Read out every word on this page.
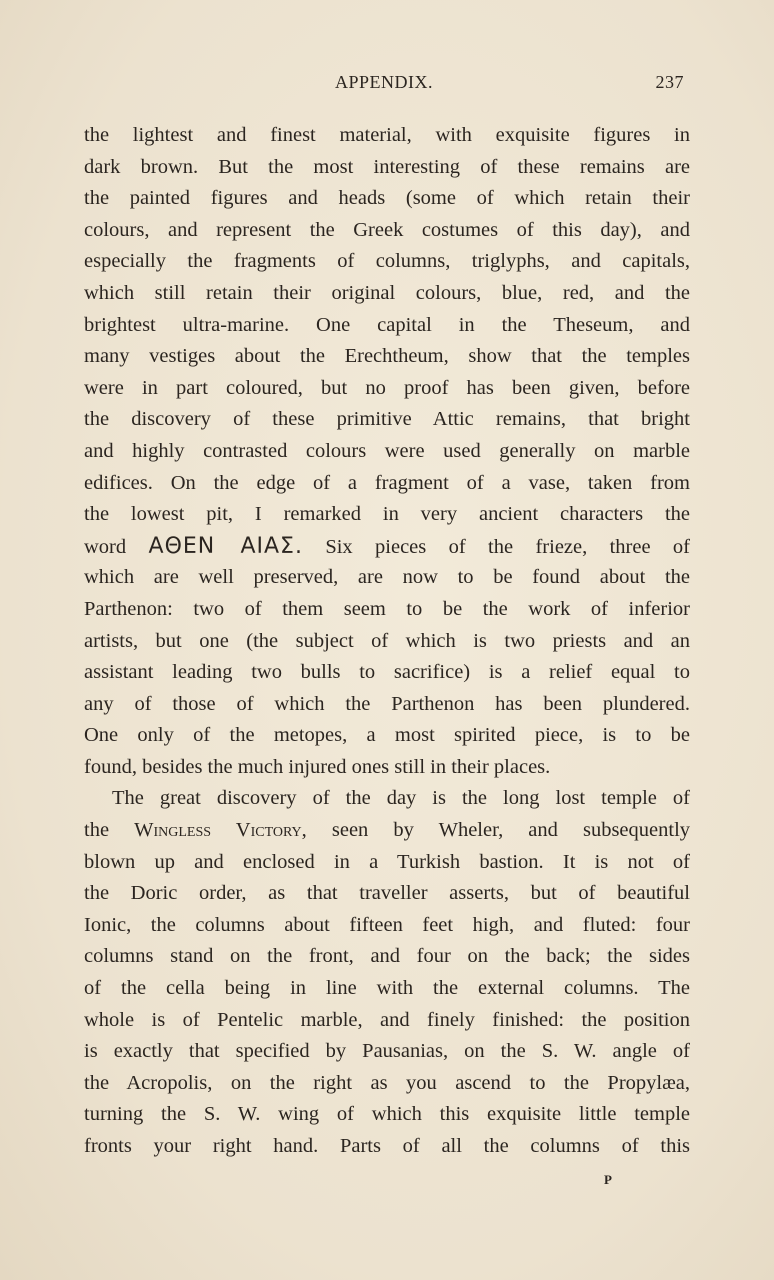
APPENDIX.	237
the lightest and finest material, with exquisite figures in
dark brown. But the most interesting of these remains are
the painted figures and heads (some of which retain their
colours, and represent the Greek costumes of this day), and
especially the fragments of columns, triglyphs, and capitals,
which still retain their original colours, blue, red, and the
brightest ultra-marine. One capital in the Theseum, and
many vestiges about the Erechtheum, show that the temples
were in part coloured, but no proof has been given, before
the discovery of these primitive Attic remains, that bright
and highly contrasted colours were used generally on marble
edifices. On the edge of a fragment of a vase, taken from
the lowest pit, I remarked in very ancient characters the
word ΑΘΕΝ ΑΙΑΣ. Six pieces of the frieze, three of
which are well preserved, are now to be found about the
Parthenon: two of them seem to be the work of inferior
artists, but one (the subject of which is two priests and an
assistant leading two bulls to sacrifice) is a relief equal to
any of those of which the Parthenon has been plundered.
One only of the metopes, a most spirited piece, is to be
found, besides the much injured ones still in their places.
The great discovery of the day is the long lost temple of
the Wingless Victory, seen by Wheler, and subsequently
blown up and enclosed in a Turkish bastion. It is not of
the Doric order, as that traveller asserts, but of beautiful
Ionic, the columns about fifteen feet high, and fluted: four
columns stand on the front, and four on the back; the sides
of the cella being in line with the external columns. The
whole is of Pentelic marble, and finely finished: the position
is exactly that specified by Pausanias, on the S. W. angle of
the Acropolis, on the right as you ascend to the Propylæa,
turning the S. W. wing of which this exquisite little temple
fronts your right hand. Parts of all the columns of this
P
